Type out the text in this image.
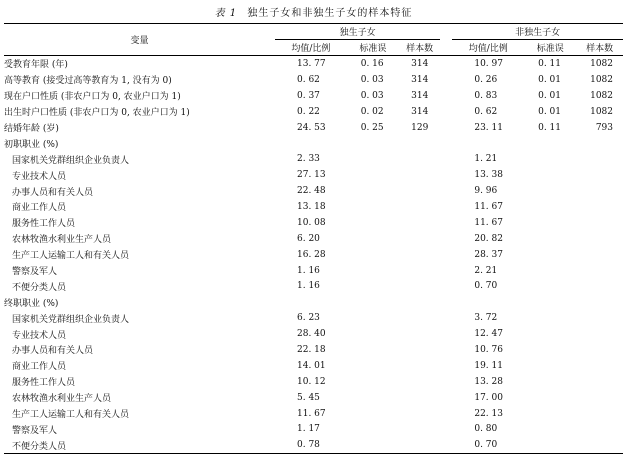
表 1 独生子女和非独生子女的样本特征
变量	独生子女				非独生子女		
	均值/比例	标准误	样本数		均值/比例	标准误	样本数
受教育年限 (年)	13. 77	0. 16	314		10. 97	0. 11	1082
高等教育 (接受过高等教育为 1, 没有为 0)	0. 62	0. 03	314		0. 26	0. 01	1082
现在户口性质 (非农户口为 0, 农业户口为 1)	0. 37	0. 03	314		0. 83	0. 01	1082
出生时户口性质 (非农户口为 0, 农业户口为 1)	0. 22	0. 02	314		0. 62	0. 01	1082
结婚年龄 (岁)	24. 53	0. 25	129		23. 11	0. 11	793
初职职业 (%)							
国家机关党群组织企业负责人	2. 33				1. 21		
专业技术人员	27. 13				13. 38		
办事人员和有关人员	22. 48				9. 96		
商业工作人员	13. 18				11. 67		
服务性工作人员	10. 08				11. 67		
农林牧渔水利业生产人员	6. 20				20. 82		
生产工人运输工人和有关人员	16. 28				28. 37		
警察及军人	1. 16				2. 21		
不便分类人员	1. 16				0. 70		
终职职业 (%)							
国家机关党群组织企业负责人	6. 23				3. 72		
专业技术人员	28. 40				12. 47		
办事人员和有关人员	22. 18				10. 76		
商业工作人员	14. 01				19. 11		
服务性工作人员	10. 12				13. 28		
农林牧渔水利业生产人员	5. 45				17. 00		
生产工人运输工人和有关人员	11. 67				22. 13		
警察及军人	1. 17				0. 80		
不便分类人员	0. 78				0. 70		
